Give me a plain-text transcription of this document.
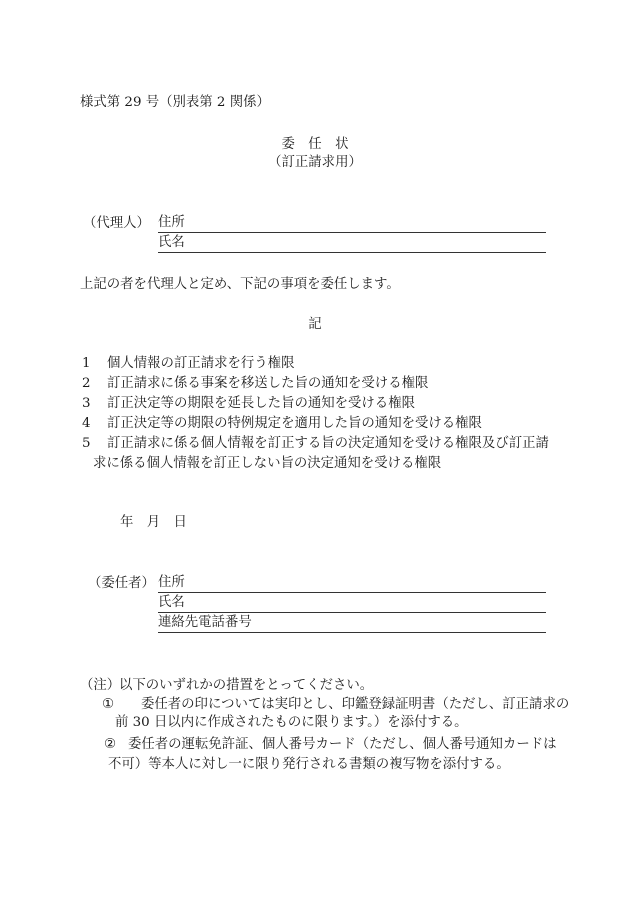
様式第 29 号（別表第 2 関係）
委　任　状
（訂正請求用）
（代理人） 住所
氏名
上記の者を代理人と定め、下記の事項を委任します。
記
1 個人情報の訂正請求を行う権限
2 訂正請求に係る事案を移送した旨の通知を受ける権限
3 訂正決定等の期限を延長した旨の通知を受ける権限
4 訂正決定等の期限の特例規定を適用した旨の通知を受ける権限
5 訂正請求に係る個人情報を訂正する旨の決定通知を受ける権限及び訂正請
求に係る個人情報を訂正しない旨の決定通知を受ける権限
年　月　日
（委任者） 住所
氏名
連絡先電話番号
（注）
以下のいずれかの措置をとってください。
① 委任者の印については実印とし、印鑑登録証明書（ただし、訂正請求の
前 30 日以内に作成されたものに限ります。）を添付する。
② 委任者の運転免許証、個人番号カード（ただし、個人番号通知カードは
不可）等本人に対し一に限り発行される書類の複写物を添付する。
